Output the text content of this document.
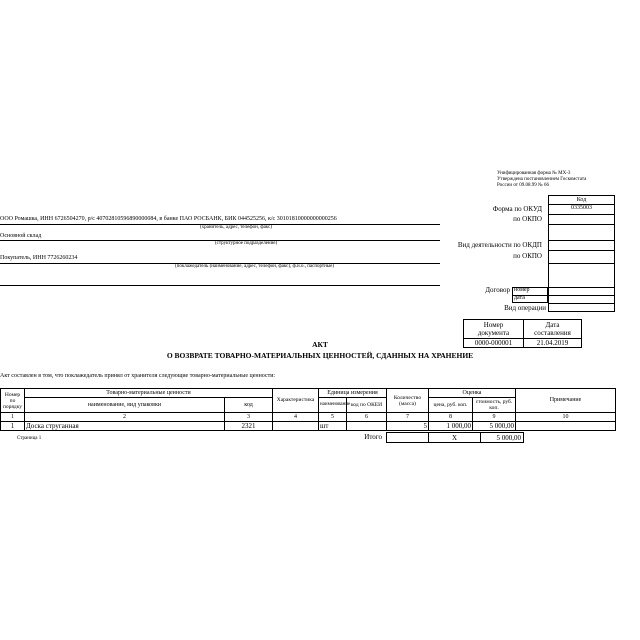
Унифицированная форма № МХ-3
Утверждена постановлением Госкомстата
России от 09.08.99 № 66
Код
0335003
Форма по ОКУД
по ОКПО
Вид деятельности по ОКДП
по ОКПО
Договор номер
дата
Вид операции
ООО Ромашка, ИНН 6726504270, р/с 40702810596890000084, в банке ПАО РОСБАНК, БИК 044525256, к/с 30101810000000000256
(хранитель, адрес, телефон, факс)
Основной склад
(структурное подразделение)
Покупатель, ИНН 7726260234
(поклажедатель (наименование, адрес, телефон, факс), ф.и.о., паспортные)
Номер
документа	Дата
составления
0000-000001	21.04.2019
АКТ
О ВОЗВРАТЕ ТОВАРНО-МАТЕРИАЛЬНЫХ ЦЕННОСТЕЙ, СДАННЫХ НА ХРАНЕНИЕ
Акт составлен в том, что поклажедатель принял от хранителя следующие товарно-материальные ценности:
Номер по порядку	Товарно-материальные ценности		Характеристика	Единица измерения		Количество (масса)	Оценка		Примечание
	наименование, вид упаковки	код		наименование	код по ОКЕИ		цена, руб. коп.	стоимость, руб. коп.	
1	2	3	4	5	6	7	8	9	10
1	Доска струганная	2321		шт		5	1 000,00	5 000,00	
Итого	Х	5 000,00
Страница 1
